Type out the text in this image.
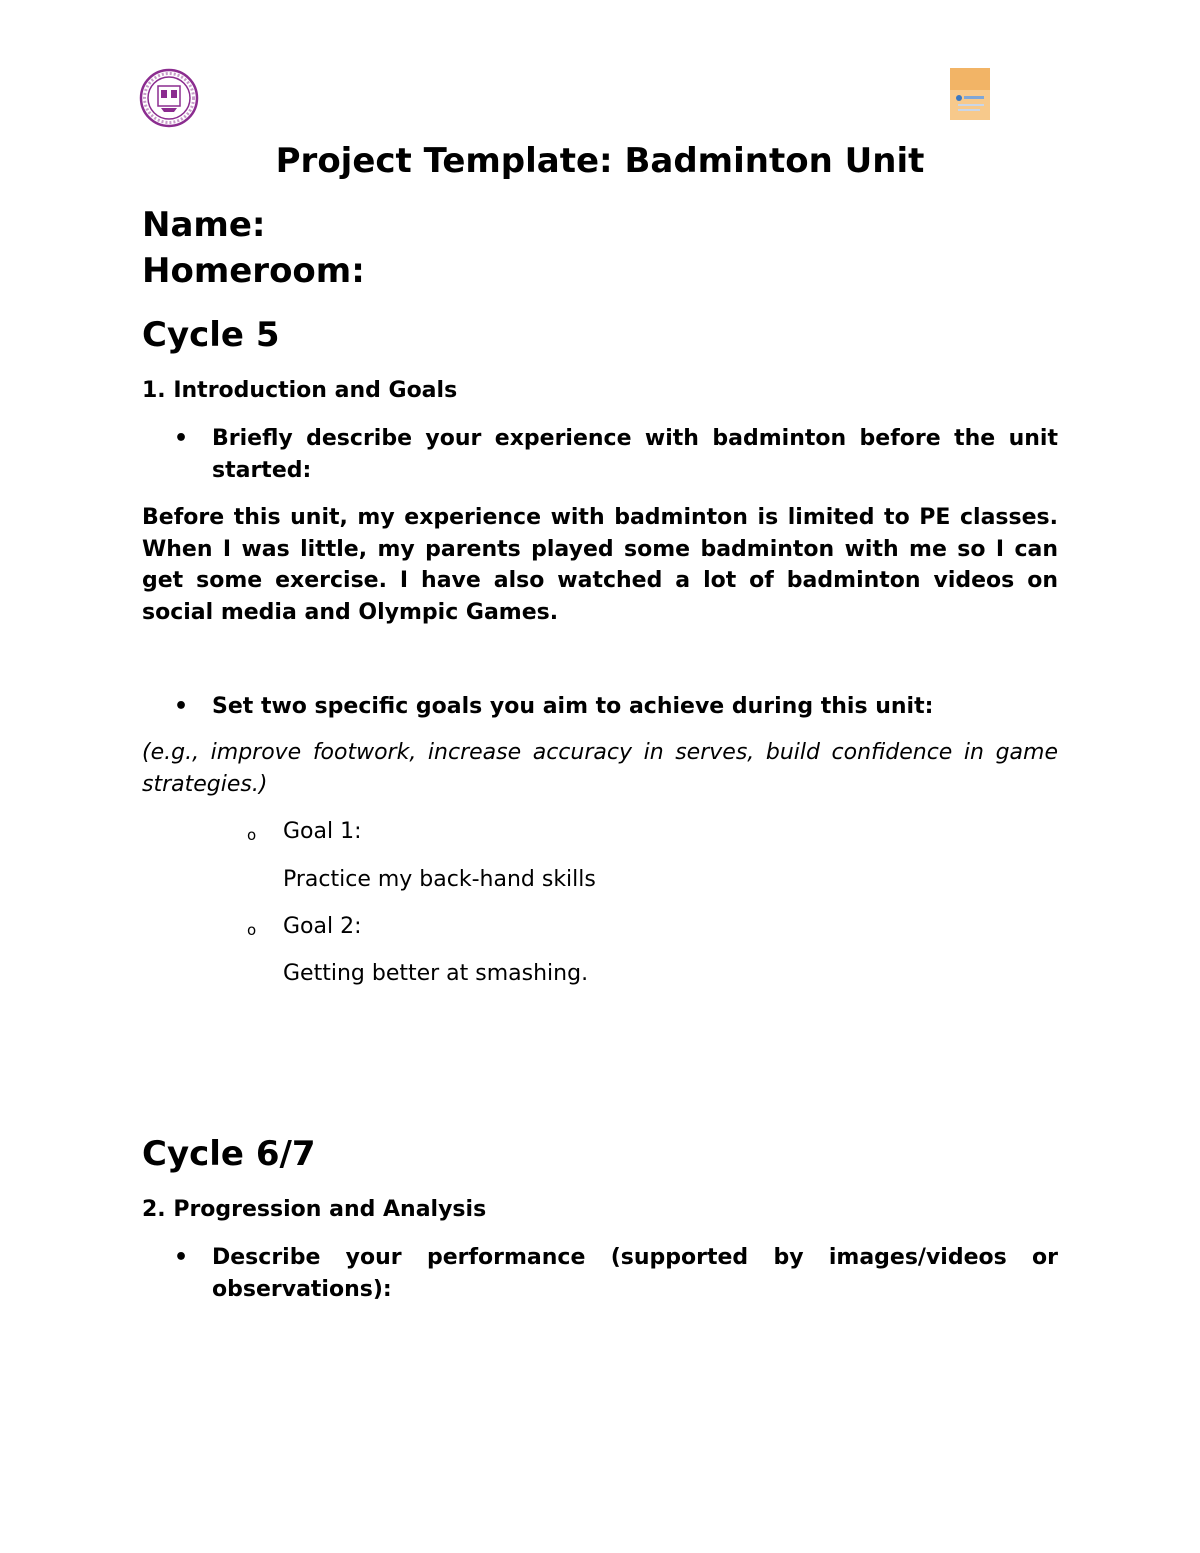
Project Template: Badminton Unit
Name:
Homeroom:
Cycle 5
1. Introduction and Goals
• Briefly describe your experience with badminton before the unit started:
Before this unit, my experience with badminton is limited to PE classes. When I was little, my parents played some badminton with me so I can get some exercise. I have also watched a lot of badminton videos on social media and Olympic Games.
• Set two specific goals you aim to achieve during this unit:
(e.g., improve footwork, increase accuracy in serves, build confidence in game strategies.)
o Goal 1:
Practice my back-hand skills
o Goal 2:
Getting better at smashing.
Cycle 6/7
2. Progression and Analysis
• Describe your performance (supported by images/videos or observations):
